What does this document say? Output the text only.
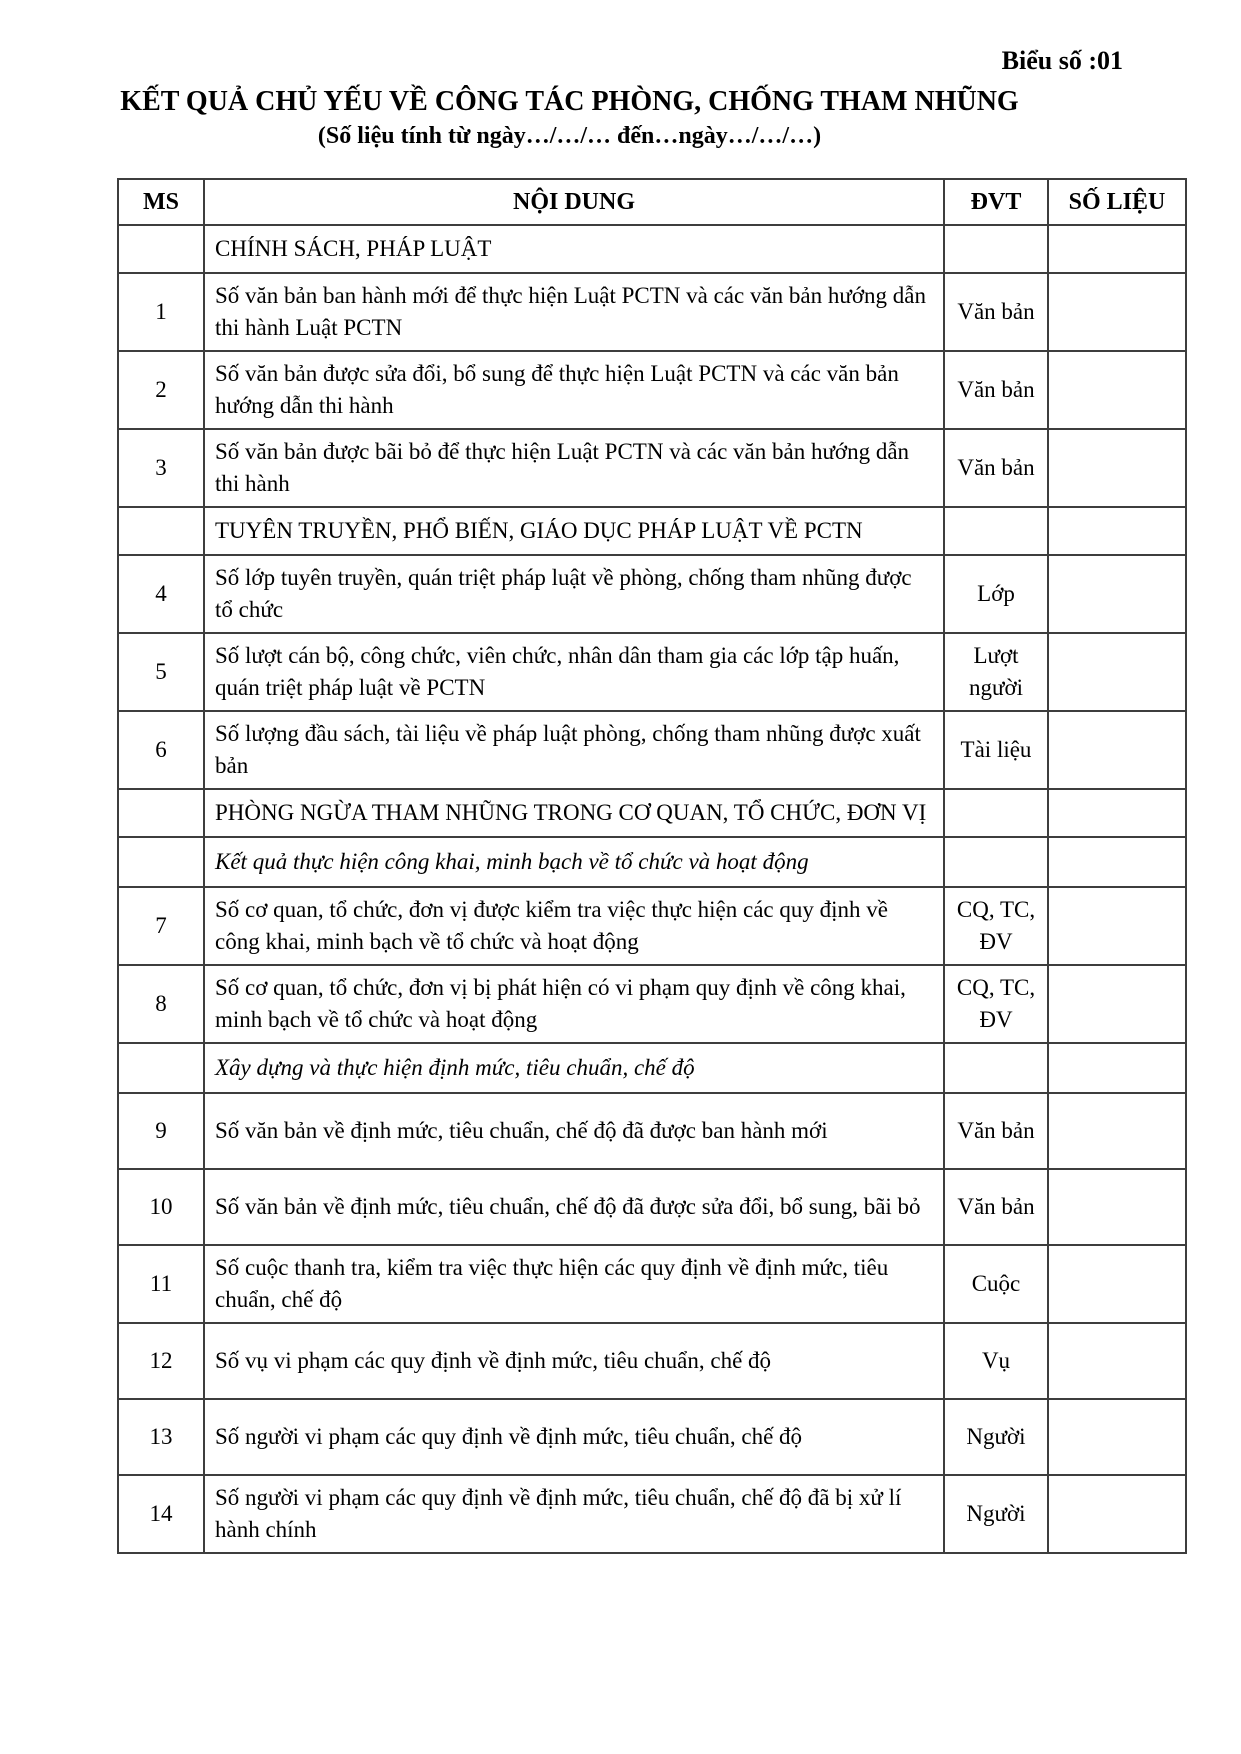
Biểu số :01
KẾT QUẢ CHỦ YẾU VỀ CÔNG TÁC PHÒNG, CHỐNG THAM NHŨNG
(Số liệu tính từ ngày…/…/… đến…ngày…/…/…)
MS	NỘI DUNG	ĐVT	SỐ LIỆU
	CHÍNH SÁCH, PHÁP LUẬT		
1	Số văn bản ban hành mới để thực hiện Luật PCTN và các văn bản hướng dẫn thi hành Luật PCTN	Văn bản	
2	Số văn bản được sửa đổi, bổ sung để thực hiện Luật PCTN và các văn bản hướng dẫn thi hành	Văn bản	
3	Số văn bản được bãi bỏ để thực hiện Luật PCTN và các văn bản hướng dẫn thi hành	Văn bản	
	TUYÊN TRUYỀN, PHỔ BIẾN, GIÁO DỤC PHÁP LUẬT VỀ PCTN		
4	Số lớp tuyên truyền, quán triệt pháp luật về phòng, chống tham nhũng được tổ chức	Lớp	
5	Số lượt cán bộ, công chức, viên chức, nhân dân tham gia các lớp tập huấn, quán triệt pháp luật về PCTN	Lượt người	
6	Số lượng đầu sách, tài liệu về pháp luật phòng, chống tham nhũng được xuất bản	Tài liệu	
	PHÒNG NGỪA THAM NHŨNG TRONG CƠ QUAN, TỔ CHỨC, ĐƠN VỊ		
	Kết quả thực hiện công khai, minh bạch về tổ chức và hoạt động		
7	Số cơ quan, tổ chức, đơn vị được kiểm tra việc thực hiện các quy định về công khai, minh bạch về tổ chức và hoạt động	CQ, TC, ĐV	
8	Số cơ quan, tổ chức, đơn vị bị phát hiện có vi phạm quy định về công khai, minh bạch về tổ chức và hoạt động	CQ, TC, ĐV	
	Xây dựng và thực hiện định mức, tiêu chuẩn, chế độ		
9	Số văn bản về định mức, tiêu chuẩn, chế độ đã được ban hành mới	Văn bản	
10	Số văn bản về định mức, tiêu chuẩn, chế độ đã được sửa đổi, bổ sung, bãi bỏ	Văn bản	
11	Số cuộc thanh tra, kiểm tra việc thực hiện các quy định về định mức, tiêu chuẩn, chế độ	Cuộc	
12	Số vụ vi phạm các quy định về định mức, tiêu chuẩn, chế độ	Vụ	
13	Số người vi phạm các quy định về định mức, tiêu chuẩn, chế độ	Người	
14	Số người vi phạm các quy định về định mức, tiêu chuẩn, chế độ đã bị xử lí hành chính	Người	
